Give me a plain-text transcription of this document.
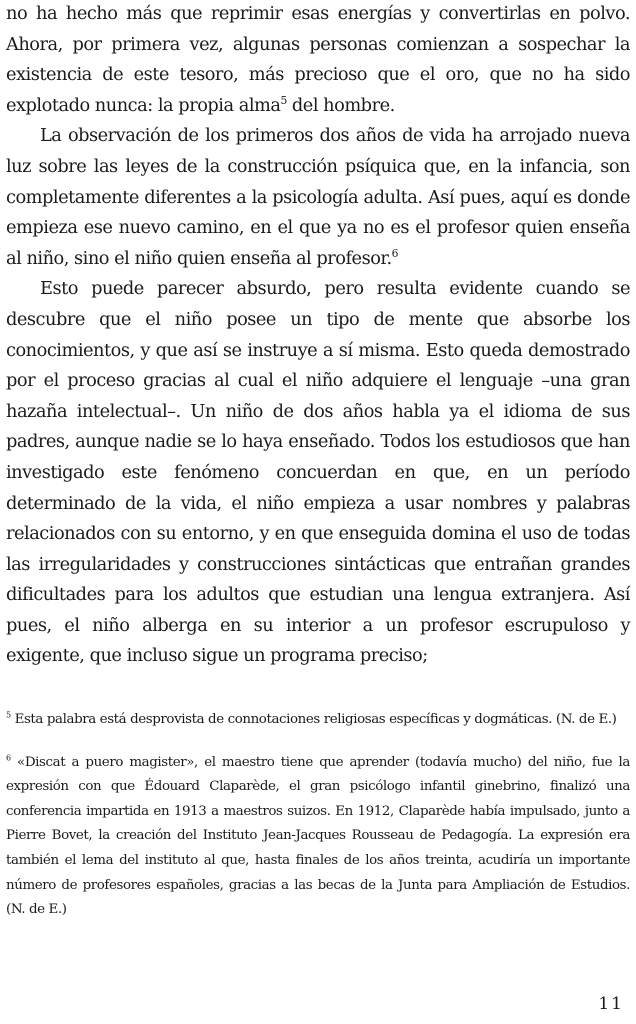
no ha hecho más que reprimir esas energías y convertirlas en polvo. Ahora, por primera vez, algunas personas comienzan a sospechar la existencia de este tesoro, más precioso que el oro, que no ha sido explotado nunca: la propia alma$^5$ del hombre.

La observación de los primeros dos años de vida ha arrojado nueva luz sobre las leyes de la construcción psíquica que, en la infancia, son completamente diferentes a la psicología adulta. Así pues, aquí es donde empieza ese nuevo camino, en el que ya no es el profesor quien enseña al niño, sino el niño quien enseña al profesor.$^6$

Esto puede parecer absurdo, pero resulta evidente cuando se descubre que el niño posee un tipo de mente que absorbe los conocimientos, y que así se instruye a sí misma. Esto queda demostrado por el proceso gracias al cual el niño adquiere el lenguaje –una gran hazaña intelectual–. Un niño de dos años habla ya el idioma de sus padres, aunque nadie se lo haya enseñado. Todos los estudiosos que han investigado este fenómeno concuerdan en que, en un período determinado de la vida, el niño empieza a usar nombres y palabras relacionados con su entorno, y en que enseguida domina el uso de todas las irregularidades y construcciones sintácticas que entrañan grandes dificultades para los adultos que estudian una lengua extranjera. Así pues, el niño alberga en su interior a un profesor escrupuloso y exigente, que incluso sigue un programa preciso;

$^5$ Esta palabra está desprovista de connotaciones religiosas específicas y dogmáticas. (N. de E.)

$^6$ «Discat a puero magister», el maestro tiene que aprender (todavía mucho) del niño, fue la expresión con que Édouard Claparède, el gran psicólogo infantil ginebrino, finalizó una conferencia impartida en 1913 a maestros suizos. En 1912, Claparède había impulsado, junto a Pierre Bovet, la creación del Instituto Jean-Jacques Rousseau de Pedagogía. La expresión era también el lema del instituto al que, hasta finales de los años treinta, acudiría un importante número de profesores españoles, gracias a las becas de la Junta para Ampliación de Estudios. (N. de E.)

11
